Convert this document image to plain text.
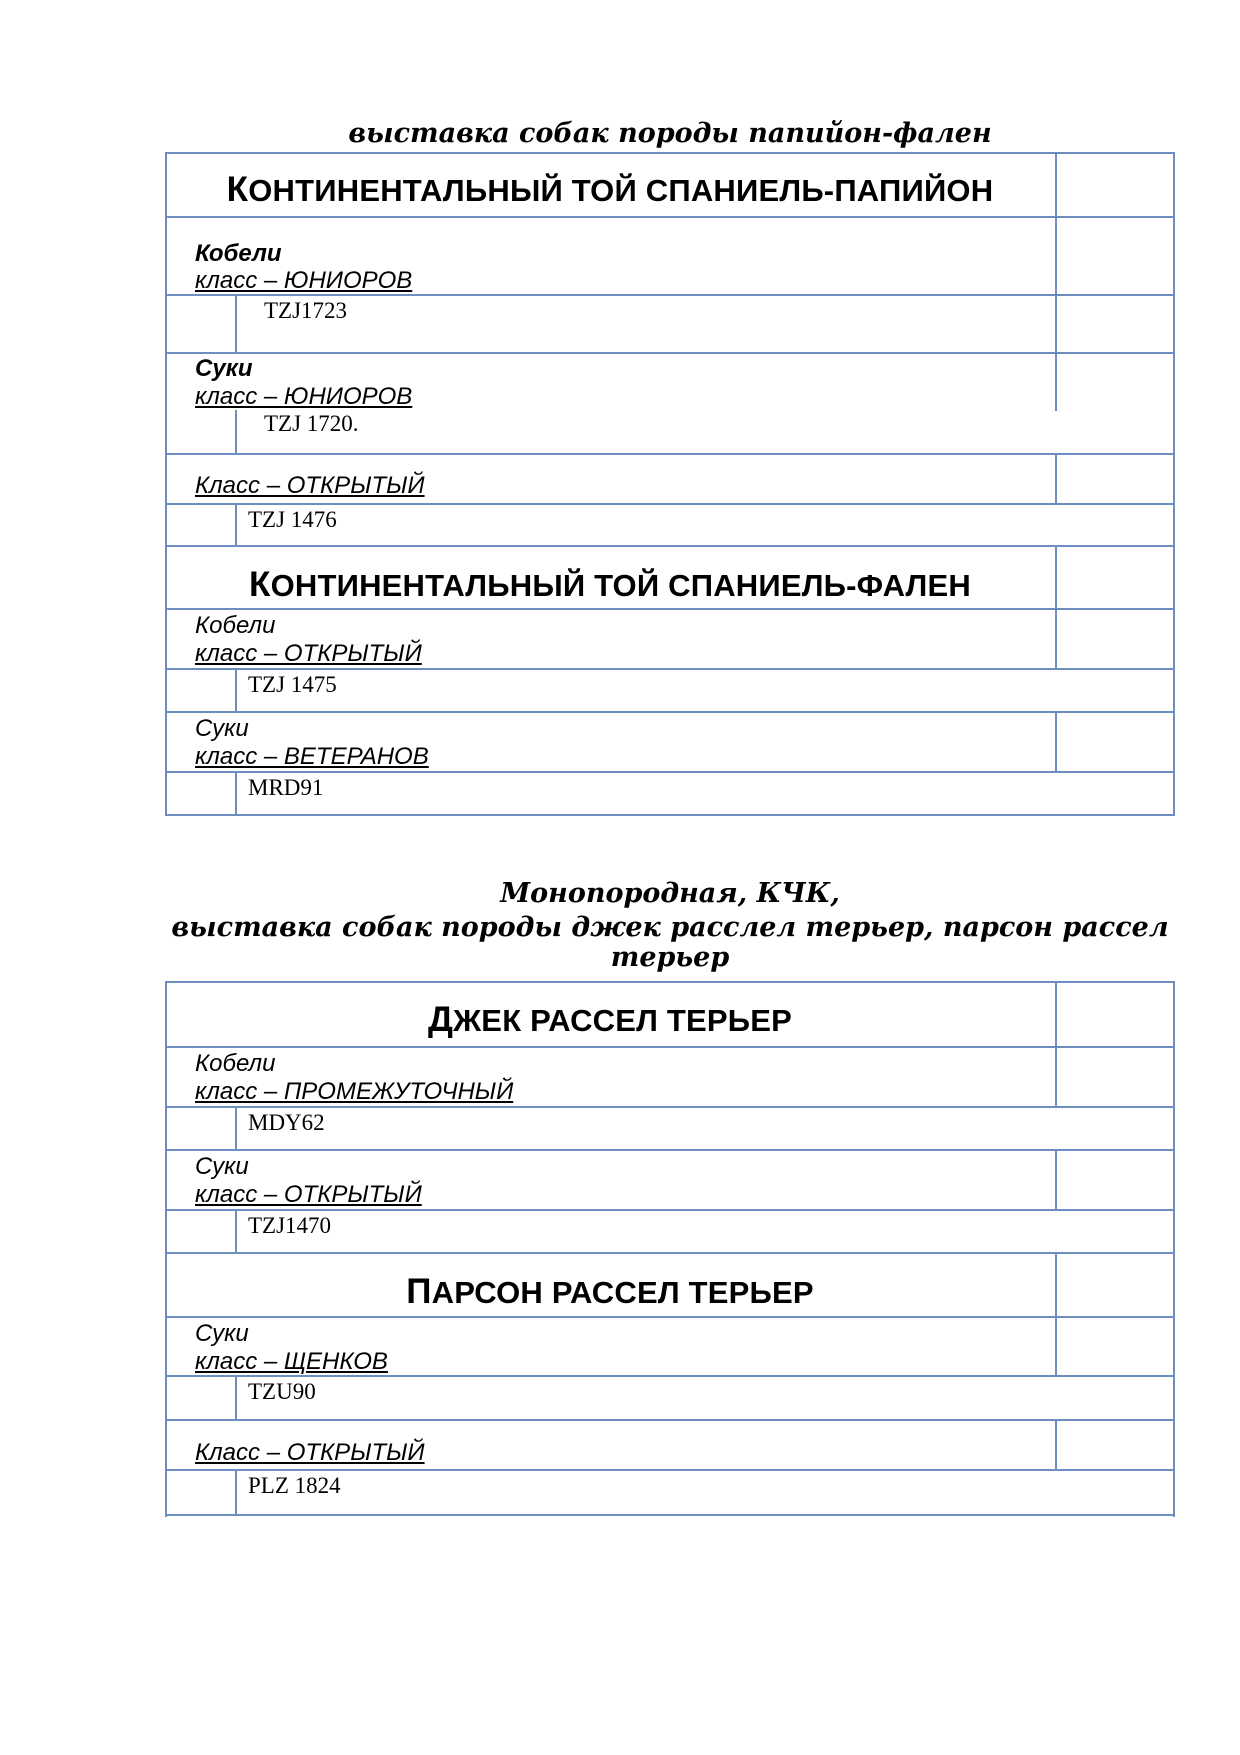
выставка собак породы папийон-фален
КОНТИНЕНТАЛЬНЫЙ ТОЙ СПАНИЕЛЬ-ПАПИЙОН
Кобели
класс – ЮНИОРОВ
TZJ1723
Суки
класс – ЮНИОРОВ
TZJ 1720.
Класс – ОТКРЫТЫЙ
TZJ 1476
КОНТИНЕНТАЛЬНЫЙ ТОЙ СПАНИЕЛЬ-ФАЛЕН
Кобели
класс – ОТКРЫТЫЙ
TZJ 1475
Суки
класс – ВЕТЕРАНОВ
MRD91
Монопородная, КЧК,
выставка собак породы джек расслел терьер, парсон рассел
терьер
ДЖЕК РАССЕЛ ТЕРЬЕР
Кобели
класс – ПРОМЕЖУТОЧНЫЙ
MDY62
Суки
класс – ОТКРЫТЫЙ
TZJ1470
ПАРСОН РАССЕЛ ТЕРЬЕР
Суки
класс – ЩЕНКОВ
TZU90
Класс – ОТКРЫТЫЙ
PLZ 1824
